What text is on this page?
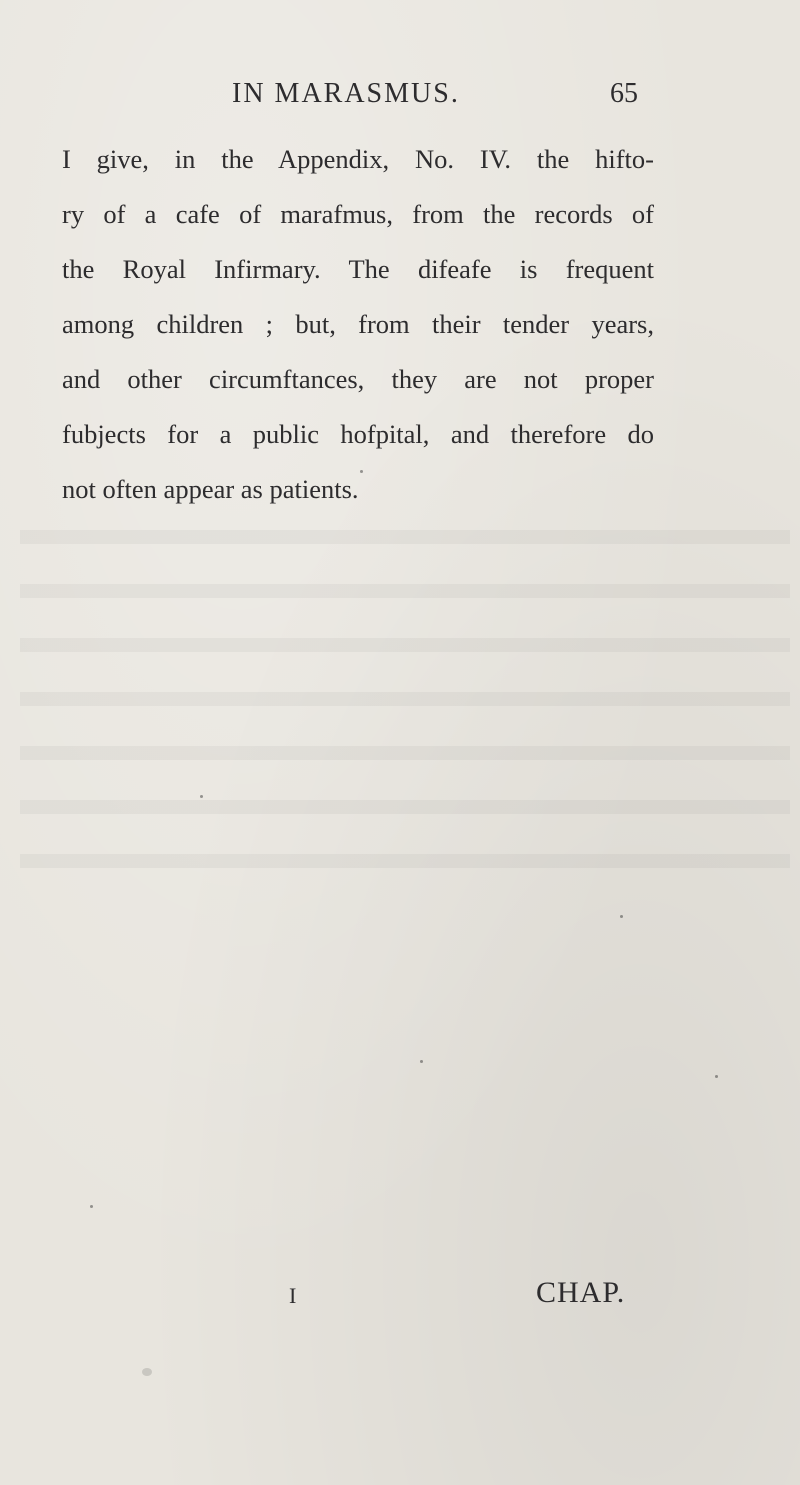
IN MARASMUS.	65
I give, in the Appendix, No. IV. the hifto-
ry of a cafe of marafmus, from the records of
the Royal Infirmary. The difeafe is frequent
among children ; but, from their tender years,
and other circumftances, they are not proper
fubjects for a public hofpital, and therefore do
not often appear as patients.
I	CHAP.
